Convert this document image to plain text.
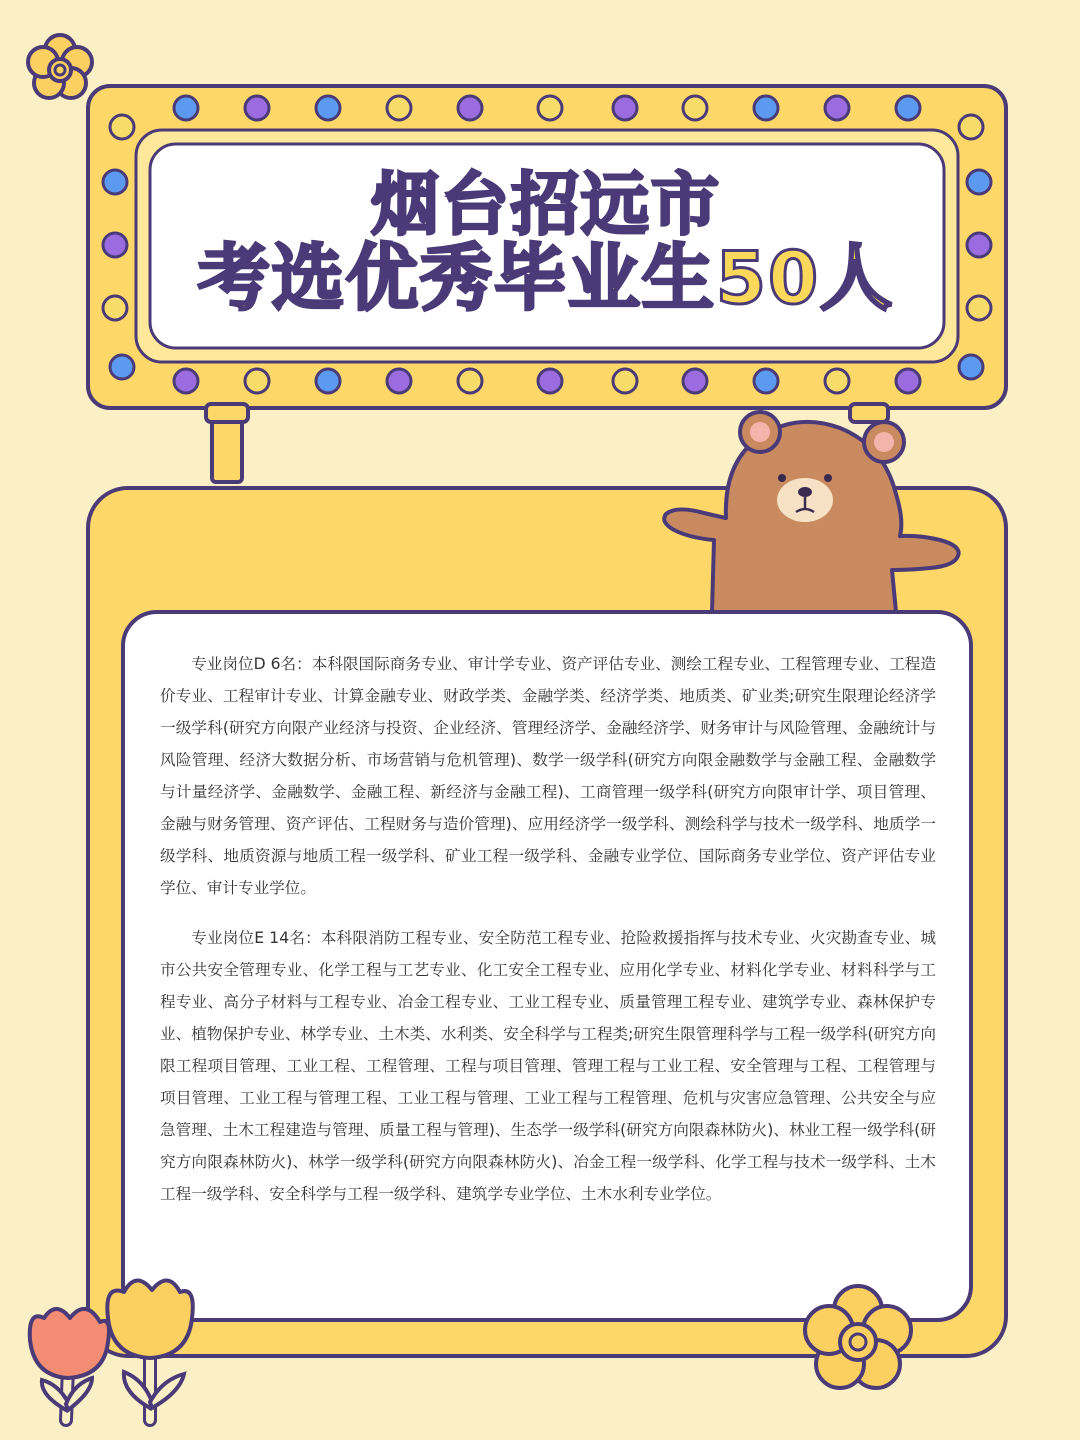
烟台招远市
考选优秀毕业生50人

专业岗位D 6名：本科限国际商务专业、审计学专业、资产评估专业、测绘工程专业、工程管理专业、工程造价专业、工程审计专业、计算金融专业、财政学类、金融学类、经济学类、地质类、矿业类;研究生限理论经济学一级学科(研究方向限产业经济与投资、企业经济、管理经济学、金融经济学、财务审计与风险管理、金融统计与风险管理、经济大数据分析、市场营销与危机管理)、数学一级学科(研究方向限金融数学与金融工程、金融数学与计量经济学、金融数学、金融工程、新经济与金融工程)、工商管理一级学科(研究方向限审计学、项目管理、金融与财务管理、资产评估、工程财务与造价管理)、应用经济学一级学科、测绘科学与技术一级学科、地质学一级学科、地质资源与地质工程一级学科、矿业工程一级学科、金融专业学位、国际商务专业学位、资产评估专业学位、审计专业学位。

专业岗位E 14名：本科限消防工程专业、安全防范工程专业、抢险救援指挥与技术专业、火灾勘查专业、城市公共安全管理专业、化学工程与工艺专业、化工安全工程专业、应用化学专业、材料化学专业、材料科学与工程专业、高分子材料与工程专业、冶金工程专业、工业工程专业、质量管理工程专业、建筑学专业、森林保护专业、植物保护专业、林学专业、土木类、水利类、安全科学与工程类;研究生限管理科学与工程一级学科(研究方向限工程项目管理、工业工程、工程管理、工程与项目管理、管理工程与工业工程、安全管理与工程、工程管理与项目管理、工业工程与管理工程、工业工程与管理、工业工程与工程管理、危机与灾害应急管理、公共安全与应急管理、土木工程建造与管理、质量工程与管理)、生态学一级学科(研究方向限森林防火)、林业工程一级学科(研究方向限森林防火)、林学一级学科(研究方向限森林防火)、冶金工程一级学科、化学工程与技术一级学科、土木工程一级学科、安全科学与工程一级学科、建筑学专业学位、土木水利专业学位。
